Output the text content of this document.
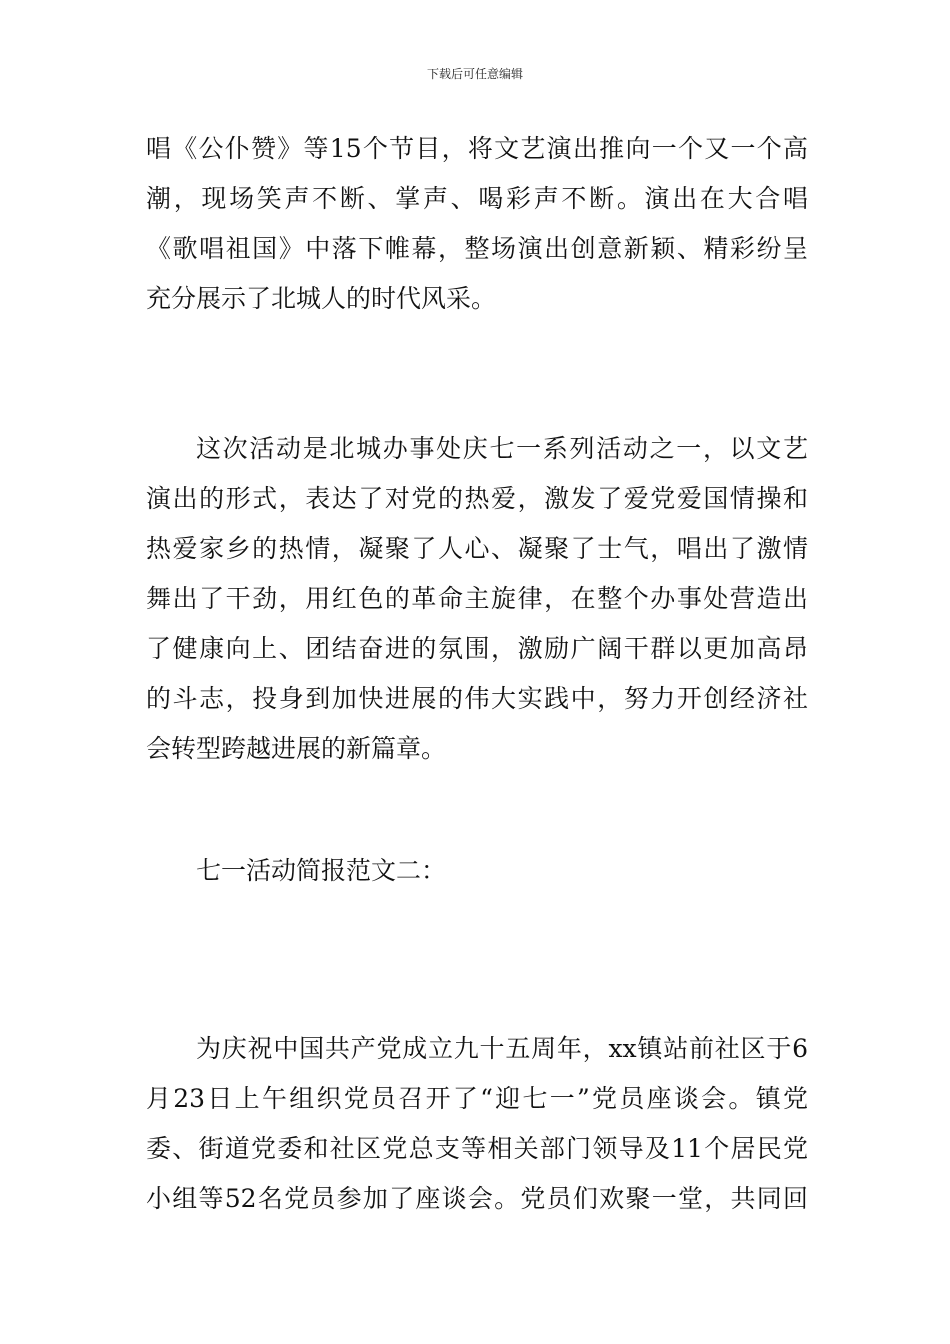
下载后可任意编辑
唱《公仆赞》等15个节目，将文艺演出推向一个又一个高
潮，现场笑声不断、掌声、喝彩声不断。演出在大合唱
《歌唱祖国》中落下帷幕，整场演出创意新颖、精彩纷呈
充分展示了北城人的时代风采。
这次活动是北城办事处庆七一系列活动之一，以文艺
演出的形式，表达了对党的热爱，激发了爱党爱国情操和
热爱家乡的热情，凝聚了人心、凝聚了士气，唱出了激情
舞出了干劲，用红色的革命主旋律，在整个办事处营造出
了健康向上、团结奋进的氛围，激励广阔干群以更加高昂
的斗志，投身到加快进展的伟大实践中，努力开创经济社
会转型跨越进展的新篇章。
七一活动简报范文二：
为庆祝中国共产党成立九十五周年，xx镇站前社区于6
月23日上午组织党员召开了“迎七一”党员座谈会。镇党
委、街道党委和社区党总支等相关部门领导及11个居民党
小组等52名党员参加了座谈会。党员们欢聚一堂，共同回
